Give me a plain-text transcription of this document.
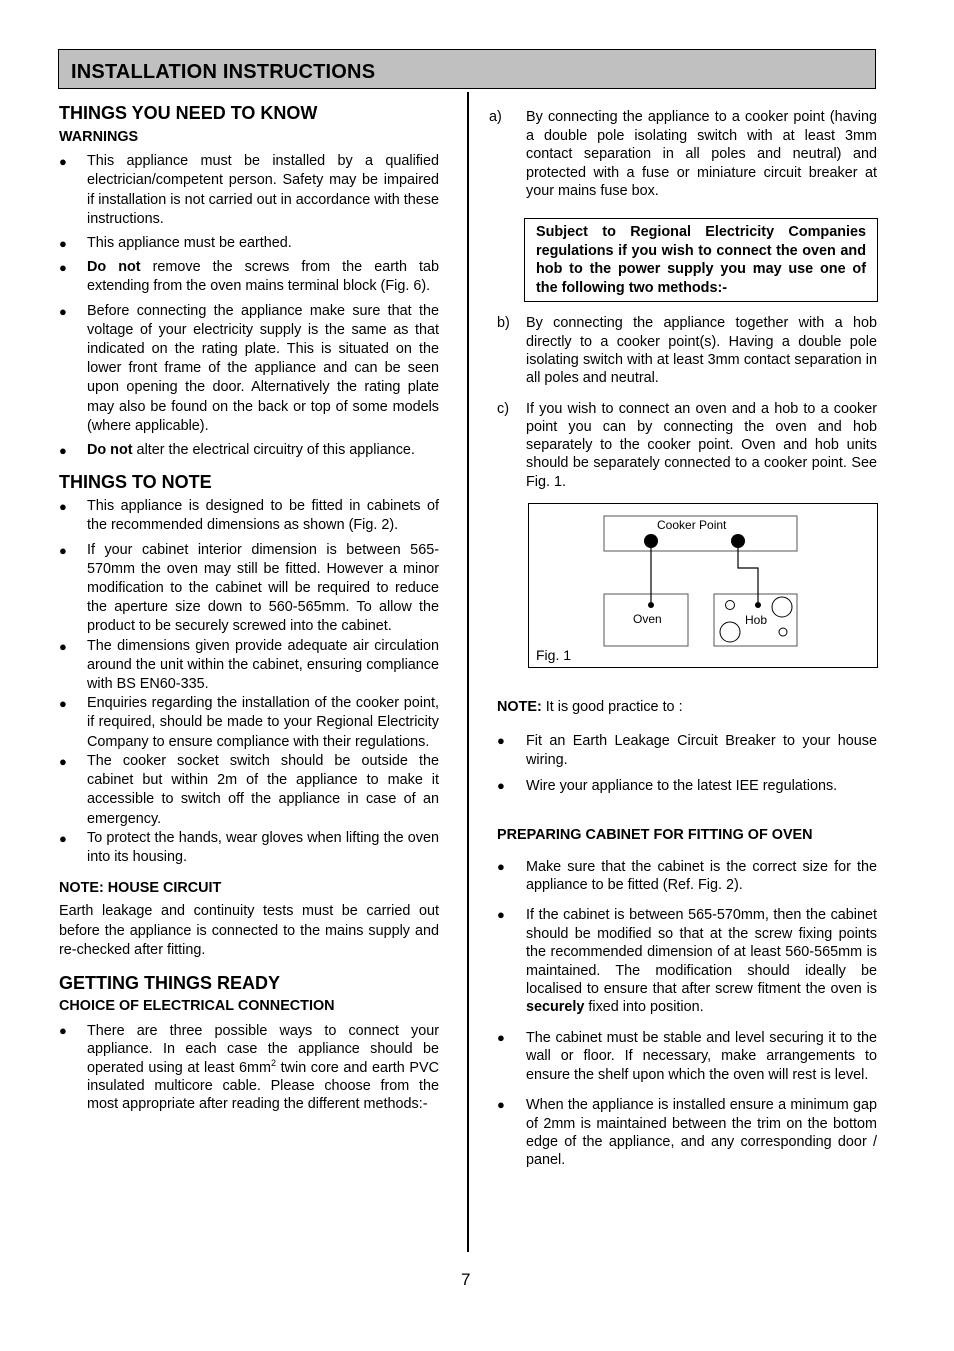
INSTALLATION INSTRUCTIONS
THINGS YOU NEED TO KNOW
WARNINGS
● This appliance must be installed by a qualified electrician/competent person. Safety may be impaired if installation is not carried out in accordance with these instructions.
● This appliance must be earthed.
● Do not remove the screws from the earth tab extending from the oven mains terminal block (Fig. 6).
● Before connecting the appliance make sure that the voltage of your electricity supply is the same as that indicated on the rating plate. This is situated on the lower front frame of the appliance and can be seen upon opening the door. Alternatively the rating plate may also be found on the back or top of some models (where applicable).
● Do not alter the electrical circuitry of this appliance.
THINGS TO NOTE
● This appliance is designed to be fitted in cabinets of the recommended dimensions as shown (Fig. 2).
● If your cabinet interior dimension is between 565-570mm the oven may still be fitted. However a minor modification to the cabinet will be required to reduce the aperture size down to 560-565mm. To allow the product to be securely screwed into the cabinet.
● The dimensions given provide adequate air circulation around the unit within the cabinet, ensuring compliance with BS EN60-335.
● Enquiries regarding the installation of the cooker point, if required, should be made to your Regional Electricity Company to ensure compliance with their regulations.
● The cooker socket switch should be outside the cabinet but within 2m of the appliance to make it accessible to switch off the appliance in case of an emergency.
● To protect the hands, wear gloves when lifting the oven into its housing.
NOTE: HOUSE CIRCUIT
Earth leakage and continuity tests must be carried out before the appliance is connected to the mains supply and re-checked after fitting.
GETTING THINGS READY
CHOICE OF ELECTRICAL CONNECTION
● There are three possible ways to connect your appliance. In each case the appliance should be operated using at least $6mm^2$ twin core and earth PVC insulated multicore cable. Please choose from the most appropriate after reading the different methods:-
a) By connecting the appliance to a cooker point (having a double pole isolating switch with at least 3mm contact separation in all poles and neutral) and protected with a fuse or miniature circuit breaker at your mains fuse box.
Subject to Regional Electricity Companies regulations if you wish to connect the oven and hob to the power supply you may use one of the following two methods:-
b) By connecting the appliance together with a hob directly to a cooker point(s). Having a double pole isolating switch with at least 3mm contact separation in all poles and neutral.
c) If you wish to connect an oven and a hob to a cooker point you can by connecting the oven and hob separately to the cooker point. Oven and hob units should be separately connected to a cooker point. See Fig. 1.
Cooker Point
Oven	Hob
Fig. 1
NOTE: It is good practice to :
● Fit an Earth Leakage Circuit Breaker to your house wiring.
● Wire your appliance to the latest IEE regulations.
PREPARING CABINET FOR FITTING OF OVEN
● Make sure that the cabinet is the correct size for the appliance to be fitted (Ref. Fig. 2).
● If the cabinet is between 565-570mm, then the cabinet should be modified so that at the screw fixing points the recommended dimension of at least 560-565mm is maintained. The modification should ideally be localised to ensure that after screw fitment the oven is securely fixed into position.
● The cabinet must be stable and level securing it to the wall or floor. If necessary, make arrangements to ensure the shelf upon which the oven will rest is level.
● When the appliance is installed ensure a minimum gap of 2mm is maintained between the trim on the bottom edge of the appliance, and any corresponding door / panel.
7
